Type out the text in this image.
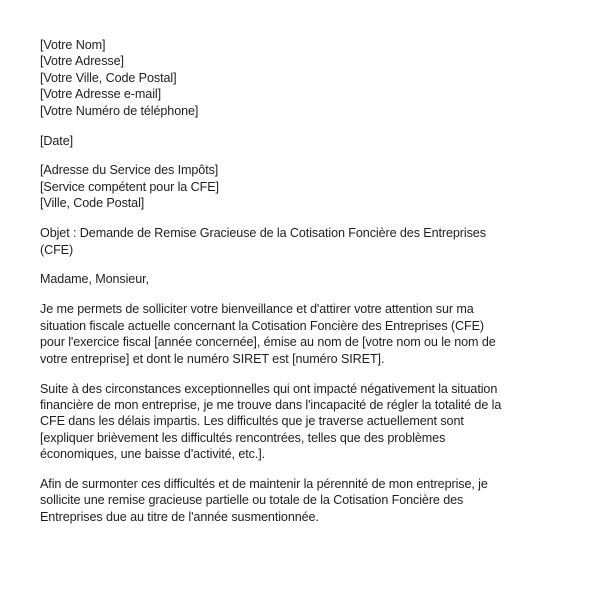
[Votre Nom]
[Votre Adresse]
[Votre Ville, Code Postal]
[Votre Adresse e-mail]
[Votre Numéro de téléphone]
[Date]
[Adresse du Service des Impôts]
[Service compétent pour la CFE]
[Ville, Code Postal]
Objet : Demande de Remise Gracieuse de la Cotisation Foncière des Entreprises
(CFE)
Madame, Monsieur,

Je me permets de solliciter votre bienveillance et d'attirer votre attention sur ma
situation fiscale actuelle concernant la Cotisation Foncière des Entreprises (CFE)
pour l'exercice fiscal [année concernée], émise au nom de [votre nom ou le nom de
votre entreprise] et dont le numéro SIRET est [numéro SIRET].

Suite à des circonstances exceptionnelles qui ont impacté négativement la situation
financière de mon entreprise, je me trouve dans l'incapacité de régler la totalité de la
CFE dans les délais impartis. Les difficultés que je traverse actuellement sont
[expliquer brièvement les difficultés rencontrées, telles que des problèmes
économiques, une baisse d'activité, etc.].

Afin de surmonter ces difficultés et de maintenir la pérennité de mon entreprise, je
sollicite une remise gracieuse partielle ou totale de la Cotisation Foncière des
Entreprises due au titre de l'année susmentionnée.
